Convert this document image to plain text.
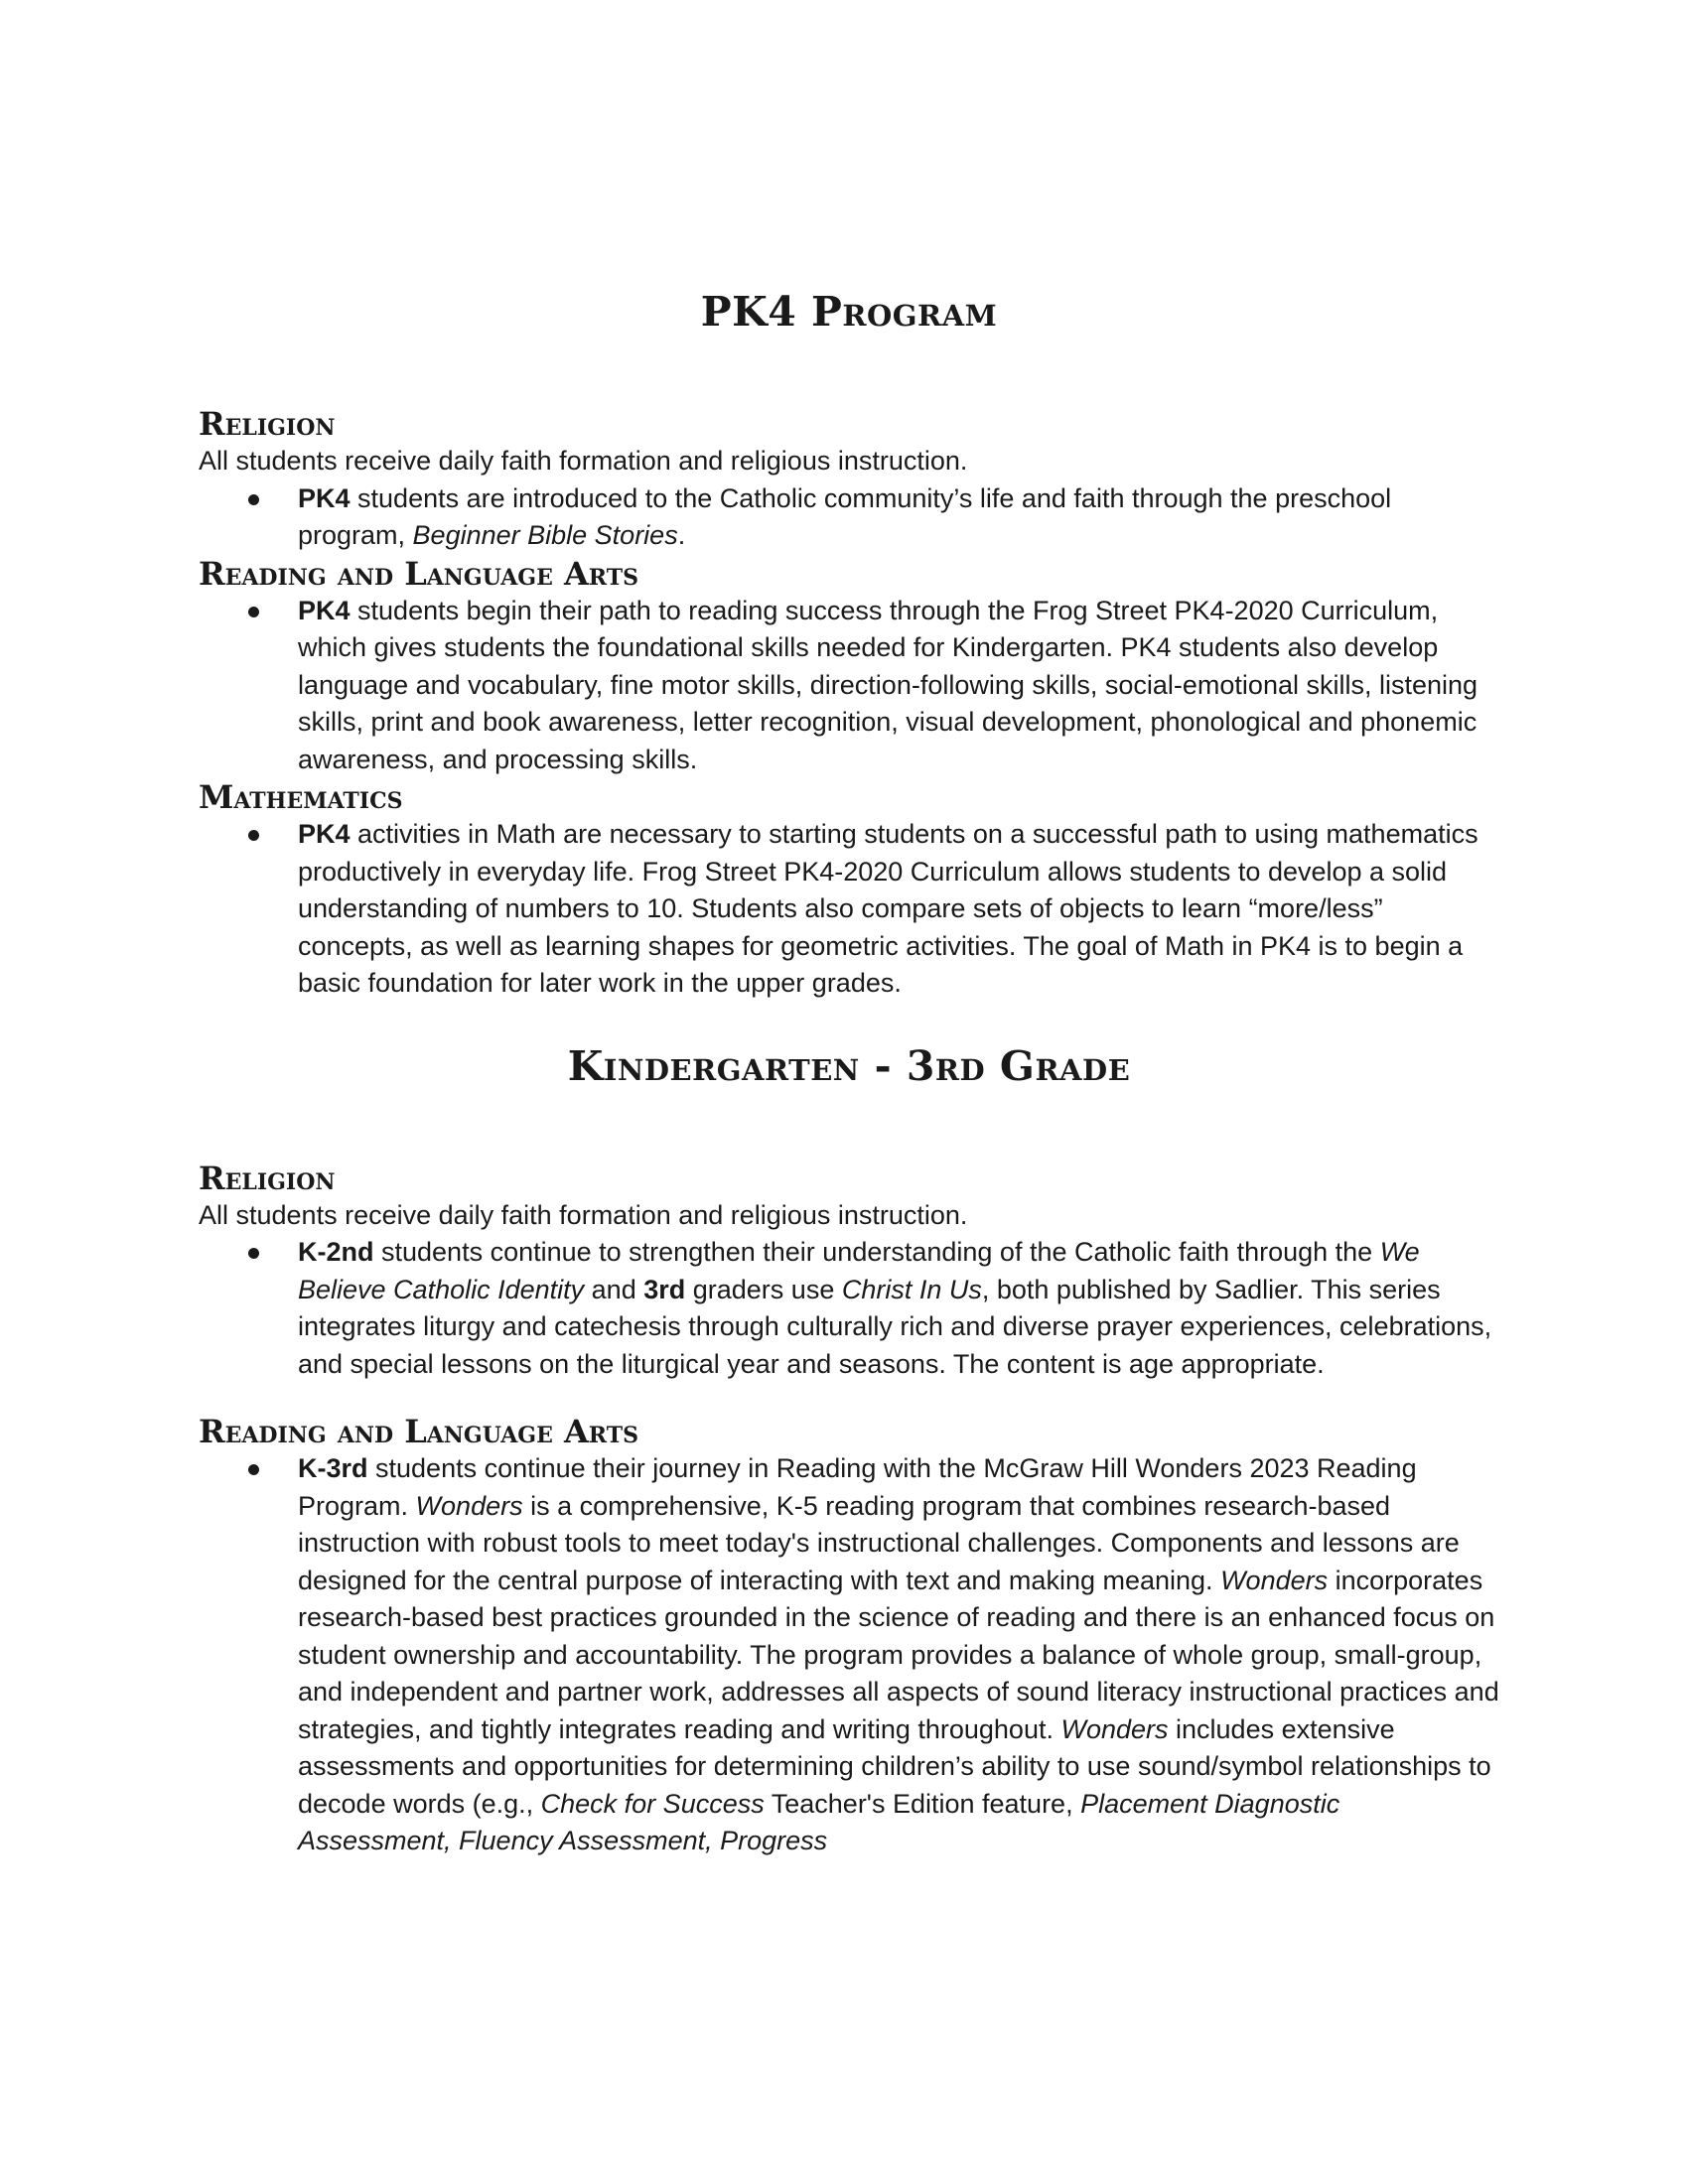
PK4 Program
Religion

All students receive daily faith formation and religious instruction.

PK4 students are introduced to the Catholic community’s life and faith through the preschool program, Beginner Bible Stories.
Reading and Language Arts
PK4 students begin their path to reading success through the Frog Street PK4-2020 Curriculum, which gives students the foundational skills needed for Kindergarten. PK4 students also develop language and vocabulary, fine motor skills, direction-following skills, social-emotional skills, listening skills, print and book awareness, letter recognition, visual development, phonological and phonemic awareness, and processing skills.
Mathematics
PK4 activities in Math are necessary to starting students on a successful path to using mathematics productively in everyday life. Frog Street PK4-2020 Curriculum allows students to develop a solid understanding of numbers to 10. Students also compare sets of objects to learn “more/less” concepts, as well as learning shapes for geometric activities. The goal of Math in PK4 is to begin a basic foundation for later work in the upper grades.
Kindergarten - 3rd Grade
Religion

All students receive daily faith formation and religious instruction.

K-2nd students continue to strengthen their understanding of the Catholic faith through the We Believe Catholic Identity and 3rd graders use Christ In Us, both published by Sadlier. This series integrates liturgy and catechesis through culturally rich and diverse prayer experiences, celebrations, and special lessons on the liturgical year and seasons. The content is age appropriate.
Reading and Language Arts
K-3rd students continue their journey in Reading with the McGraw Hill Wonders 2023 Reading Program. Wonders is a comprehensive, K-5 reading program that combines research-based instruction with robust tools to meet today's instructional challenges. Components and lessons are designed for the central purpose of interacting with text and making meaning. Wonders incorporates research-based best practices grounded in the science of reading and there is an enhanced focus on student ownership and accountability. The program provides a balance of whole group, small-group, and independent and partner work, addresses all aspects of sound literacy instructional practices and strategies, and tightly integrates reading and writing throughout. Wonders includes extensive assessments and opportunities for determining children’s ability to use sound/symbol relationships to decode words (e.g., Check for Success Teacher's Edition feature, Placement Diagnostic Assessment, Fluency Assessment, Progress
